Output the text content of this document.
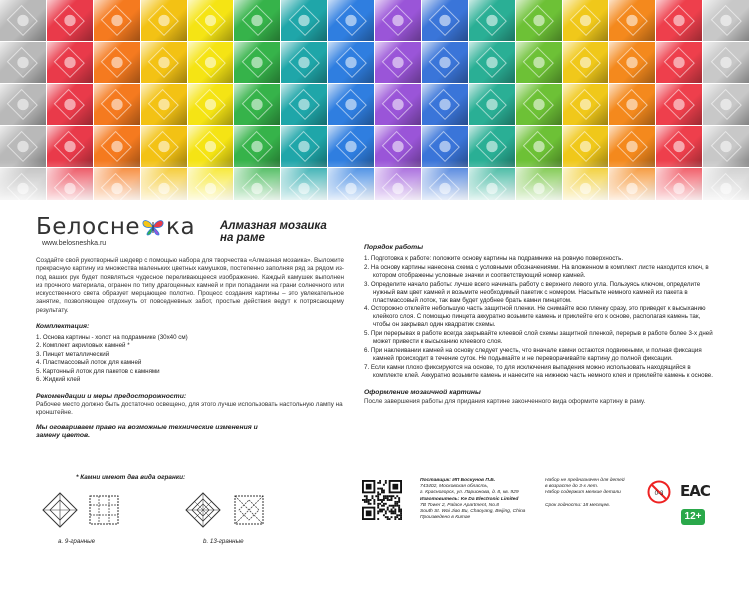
Белосне ка
www.belosneshka.ru
Алмазная мозаика
на раме
Создайте свой рукотворный шедевр с помощью набора для творчества «Алмазная мозаика». Выложите прекрасную картину из множества маленьких цветных камушков, постепенно заполняя ряд за рядом из-под ваших рук будет появляться чудесное переливающееся изображение. Каждый камушек выполнен из прочного материала, огранен по типу драгоценных камней и при попадании на грани солнечного или искусственного света образует мерцающее полотно. Процесс создания картины – это увлекательное занятие, позволяющее отдохнуть от повседневных забот, простые действия ведут к потрясающему результату.
Комплектация:
1. Основа картины - холст на подрамнике (30х40 см)
2. Комплект акриловых камней *
3. Пинцет металлический
4. Пластмассовый лоток для камней
5. Картонный лоток для пакетов с камнями
6. Жидкий клей
Рекомендации и меры предосторожности:
Рабочее место должно быть достаточно освещено, для этого лучше использовать настольную лампу на кронштейне.
Мы оговариваем право на возможные технические изменения и замену цветов.
* Камни имеют два вида огранки:
a. 9-гранные	b. 13-гранные
Порядок работы
1. Подготовка к работе: положите основу картины на подрамнике на ровную поверхность.
2. На основу картины нанесена схема с условными обозначениями. На вложенном в комплект листе находится ключ, в котором отображены условные значки и соответствующий номер камней.
3. Определите начало работы: лучше всего начинать работу с верхнего левого угла. Пользуясь ключом, определите нужный вам цвет камней и возьмите необходимый пакетик с номером. Насыпьте немного камней из пакета в пластмассовый лоток, так вам будет удобнее брать камни пинцетом.
4. Осторожно отклейте небольшую часть защитной пленки. Не снимайте всю пленку сразу, это приведет к высыханию клейкого слоя. С помощью пинцета аккуратно возьмите камень и приклейте его к основе, располагая камень так, чтобы он закрывал один квадратик схемы.
5. При перерывах в работе всегда закрывайте клеевой слой схемы защитной пленкой, перерыв в работе более 3-х дней может привести к высыханию клеевого слоя.
6. При наклеивании камней на основу следует учесть, что вначале камни остаются подвижными, и полная фиксация камней происходит в течение суток. Не подымайте и не переворачивайте картину до полной фиксации.
7. Если камни плохо фиксируются на основе, то для исключения выпадения можно использовать находящийся в комплекте клей. Аккуратно возьмите камень и нанесите на нижнюю часть немного клея и приклейте камень к основе.
Оформление мозаичной картины
После завершения работы для придания картине законченного вида оформите картину в раму.
Поставщик: ИП Боскунов П.Б.
743402, Московская область,
г. Красногорск, ул. Ларионова, д. 8, кв. 929
Изготовитель: Ke Da Electronic Limited
7B Tower 2, Palace Apartment, No.8
South St. Wai Jiao Bu, Chaoyang, Beijing, China
Произведено в Китае
Набор не предназначен для детей
в возрасте до 3-х лет.
Набор содержит мелкие детали
Срок годности: 18 месяцев.
0-3 EAC
12+
